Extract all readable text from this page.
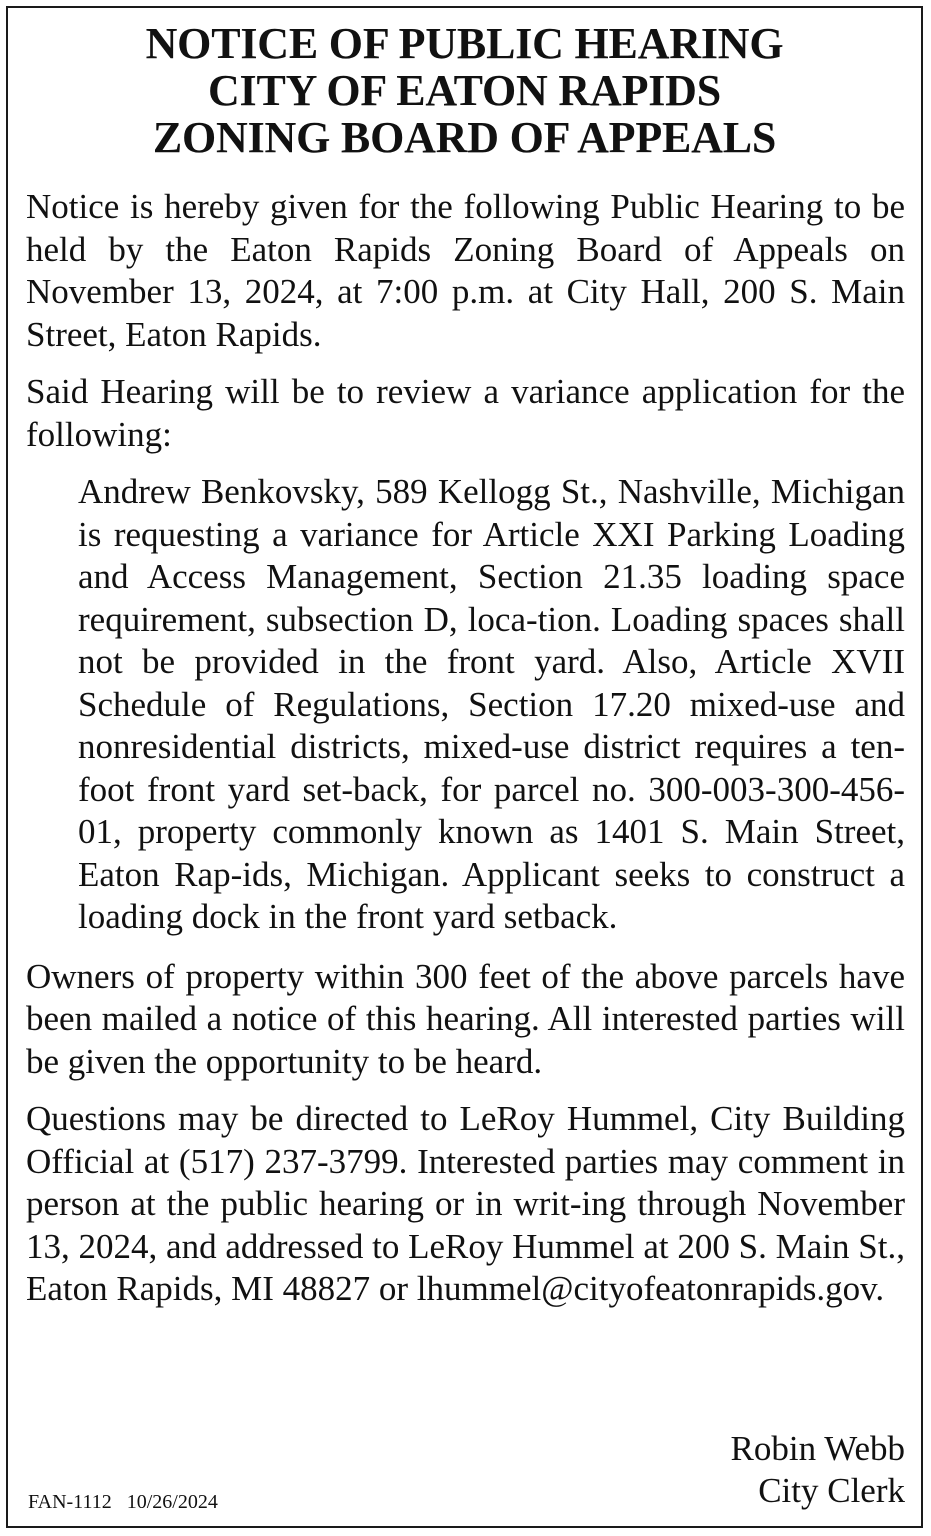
NOTICE OF PUBLIC HEARING
CITY OF EATON RAPIDS
ZONING BOARD OF APPEALS

Notice is hereby given for the following Public Hearing to be held by the Eaton Rapids Zoning Board of Appeals on November 13, 2024, at 7:00 p.m. at City Hall, 200 S. Main Street, Eaton Rapids.

Said Hearing will be to review a variance application for the following:

Andrew Benkovsky, 589 Kellogg St., Nashville, Michigan is requesting a variance for Article XXI Parking Loading and Access Management, Section 21.35 loading space requirement, subsection D, loca-tion. Loading spaces shall not be provided in the front yard. Also, Article XVII Schedule of Regulations, Section 17.20 mixed-use and nonresidential districts, mixed-use district requires a ten-foot front yard set-back, for parcel no. 300-003-300-456-01, property commonly known as 1401 S. Main Street, Eaton Rap-ids, Michigan. Applicant seeks to construct a loading dock in the front yard setback.

Owners of property within 300 feet of the above parcels have been mailed a notice of this hearing. All interested parties will be given the opportunity to be heard.

Questions may be directed to LeRoy Hummel, City Building Official at (517) 237-3799. Interested parties may comment in person at the public hearing or in writ-ing through November 13, 2024, and addressed to LeRoy Hummel at 200 S. Main St., Eaton Rapids, MI 48827 or lhummel@cityofeatonrapids.gov.

Robin Webb
City Clerk
FAN-1112 10/26/2024
